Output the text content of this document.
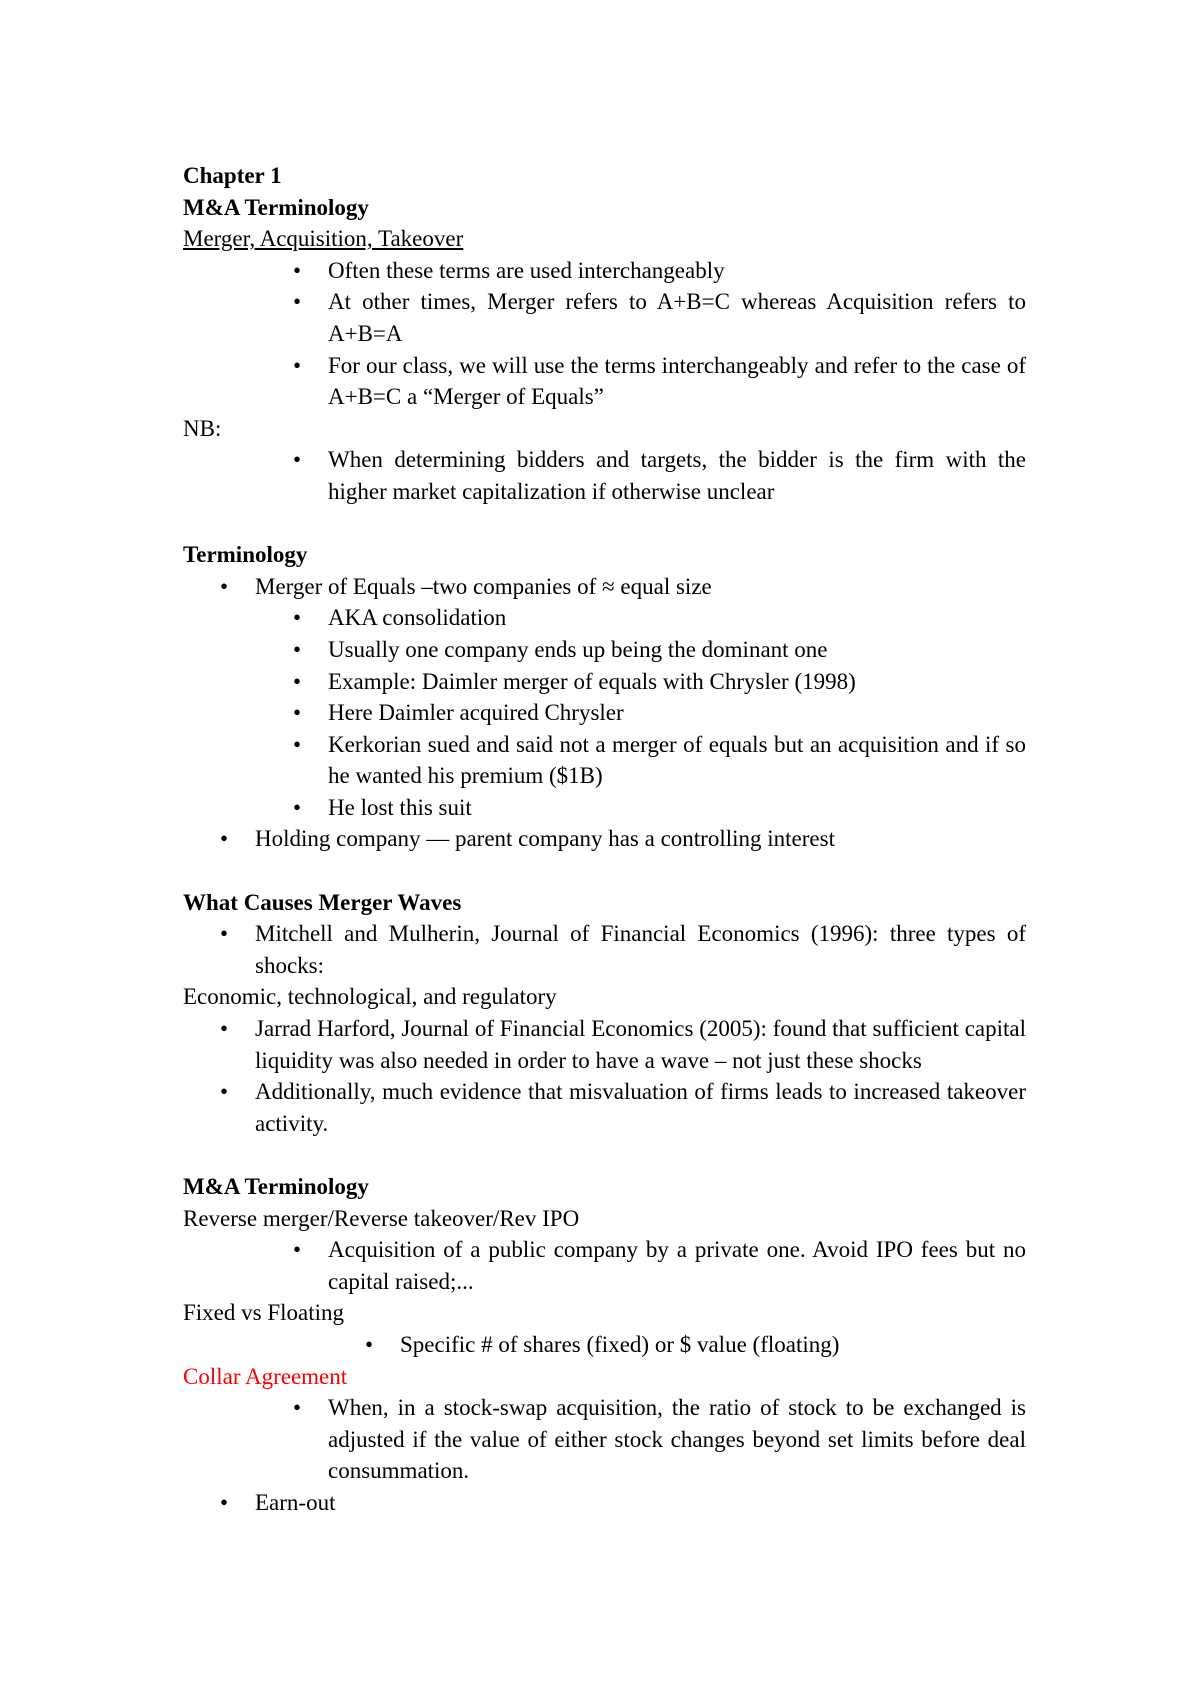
Chapter 1

M&A Terminology

Merger, Acquisition, Takeover

• Often these terms are used interchangeably
• At other times, Merger refers to A+B=C whereas Acquisition refers to A+B=A
• For our class, we will use the terms interchangeably and refer to the case of A+B=C a “Merger of Equals”

NB:

• When determining bidders and targets, the bidder is the firm with the higher market capitalization if otherwise unclear

Terminology

• Merger of Equals –two companies of ≈ equal size
• AKA consolidation
• Usually one company ends up being the dominant one
• Example: Daimler merger of equals with Chrysler (1998)
• Here Daimler acquired Chrysler
• Kerkorian sued and said not a merger of equals but an acquisition and if so he wanted his premium ($1B)
• He lost this suit
• Holding company — parent company has a controlling interest

What Causes Merger Waves

• Mitchell and Mulherin, Journal of Financial Economics (1996): three types of shocks:

Economic, technological, and regulatory

• Jarrad Harford, Journal of Financial Economics (2005): found that sufficient capital liquidity was also needed in order to have a wave – not just these shocks
• Additionally, much evidence that misvaluation of firms leads to increased takeover activity.

M&A Terminology

Reverse merger/Reverse takeover/Rev IPO

• Acquisition of a public company by a private one. Avoid IPO fees but no capital raised;...

Fixed vs Floating

• Specific # of shares (fixed) or $ value (floating)

Collar Agreement

• When, in a stock-swap acquisition, the ratio of stock to be exchanged is adjusted if the value of either stock changes beyond set limits before deal consummation.
• Earn-out
